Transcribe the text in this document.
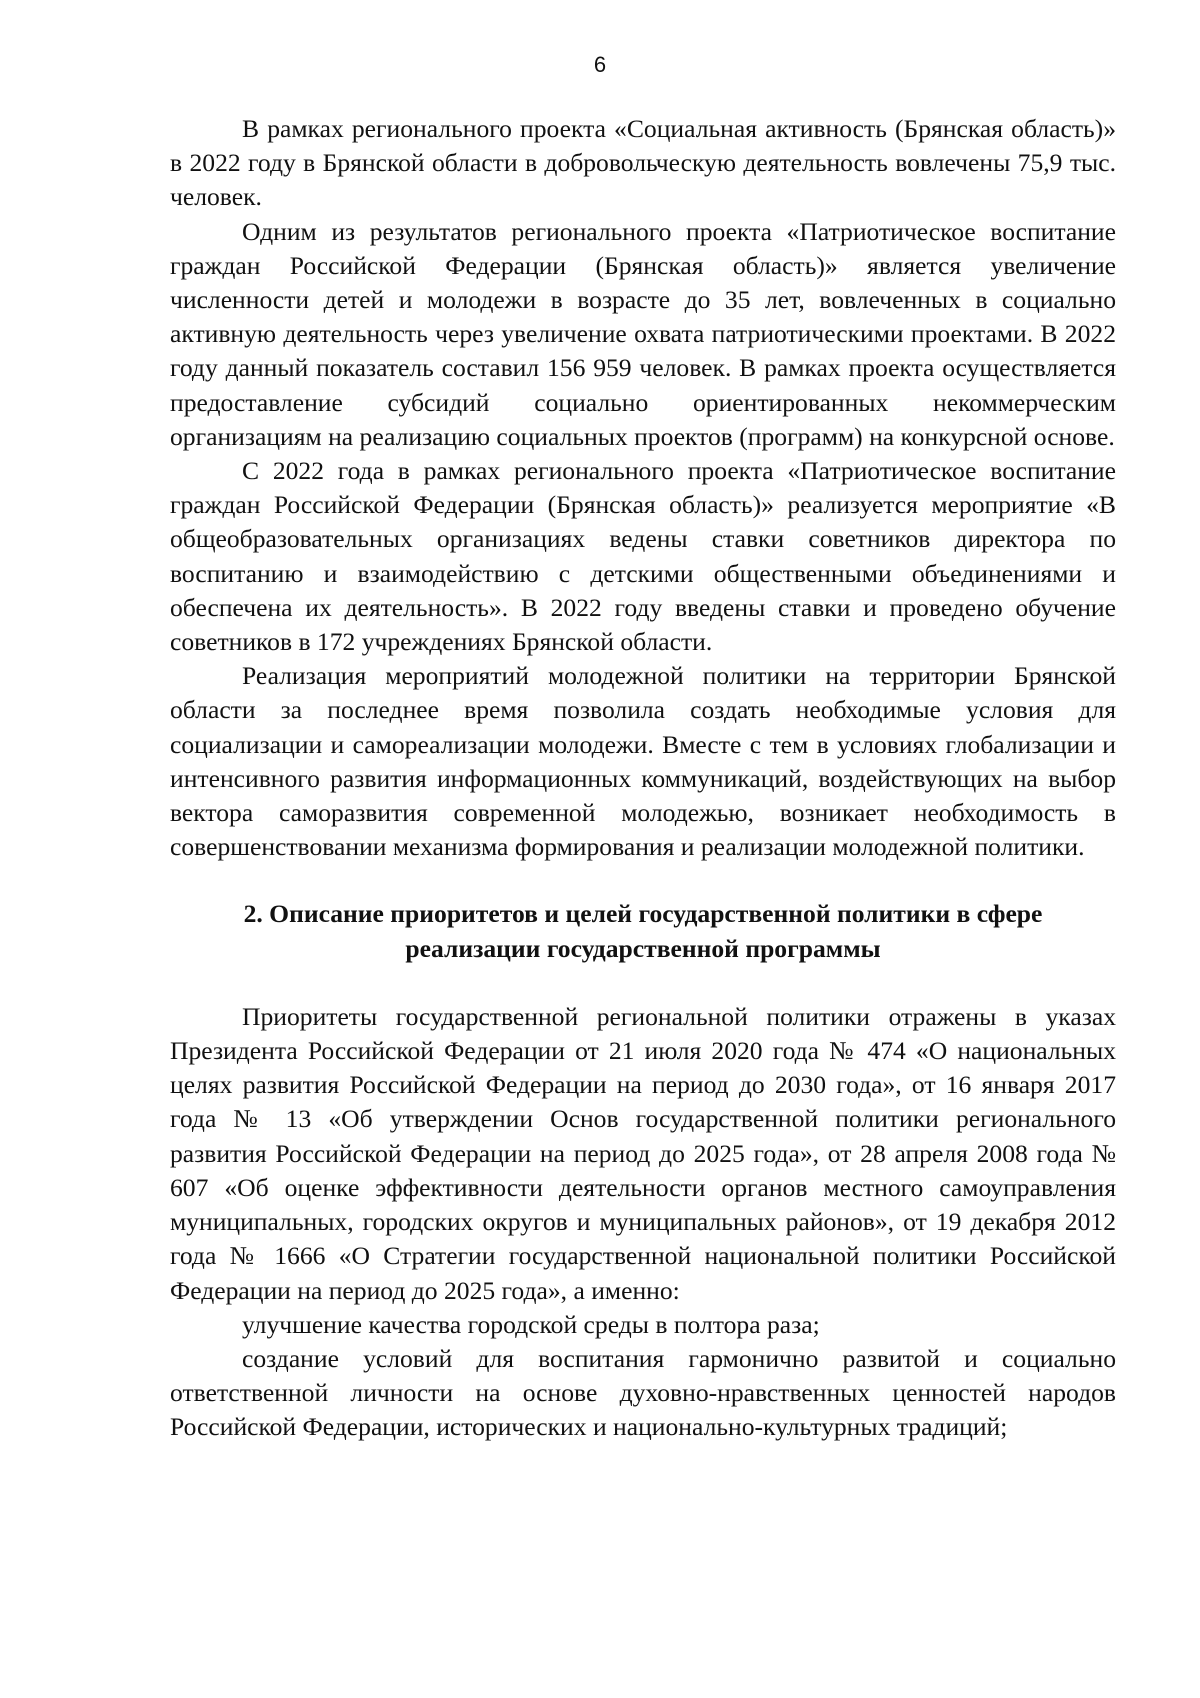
6

В рамках регионального проекта «Социальная активность (Брянская область)» в 2022 году в Брянской области в добровольческую деятельность вовлечены 75,9 тыс. человек.

Одним из результатов регионального проекта «Патриотическое воспитание граждан Российской Федерации (Брянская область)» является увеличение численности детей и молодежи в возрасте до 35 лет, вовлеченных в социально активную деятельность через увеличение охвата патриотическими проектами. В 2022 году данный показатель составил 156 959 человек. В рамках проекта осуществляется предоставление субсидий социально ориентированных некоммерческим организациям на реализацию социальных проектов (программ) на конкурсной основе.

С 2022 года в рамках регионального проекта «Патриотическое воспитание граждан Российской Федерации (Брянская область)» реализуется мероприятие «В общеобразовательных организациях ведены ставки советников директора по воспитанию и взаимодействию с детскими общественными объединениями и обеспечена их деятельность». В 2022 году введены ставки и проведено обучение советников в 172 учреждениях Брянской области.

Реализация мероприятий молодежной политики на территории Брянской области за последнее время позволила создать необходимые условия для социализации и самореализации молодежи. Вместе с тем в условиях глобализации и интенсивного развития информационных коммуникаций, воздействующих на выбор вектора саморазвития современной молодежью, возникает необходимость в совершенствовании механизма формирования и реализации молодежной политики.

2. Описание приоритетов и целей государственной политики в сфере реализации государственной программы

Приоритеты государственной региональной политики отражены в указах Президента Российской Федерации от 21 июля 2020 года № 474 «О национальных целях развития Российской Федерации на период до 2030 года», от 16 января 2017 года № 13 «Об утверждении Основ государственной политики регионального развития Российской Федерации на период до 2025 года», от 28 апреля 2008 года № 607 «Об оценке эффективности деятельности органов местного самоуправления муниципальных, городских округов и муниципальных районов», от 19 декабря 2012 года № 1666 «О Стратегии государственной национальной политики Российской Федерации на период до 2025 года», а именно:

улучшение качества городской среды в полтора раза;

создание условий для воспитания гармонично развитой и социально ответственной личности на основе духовно-нравственных ценностей народов Российской Федерации, исторических и национально-культурных традиций;
